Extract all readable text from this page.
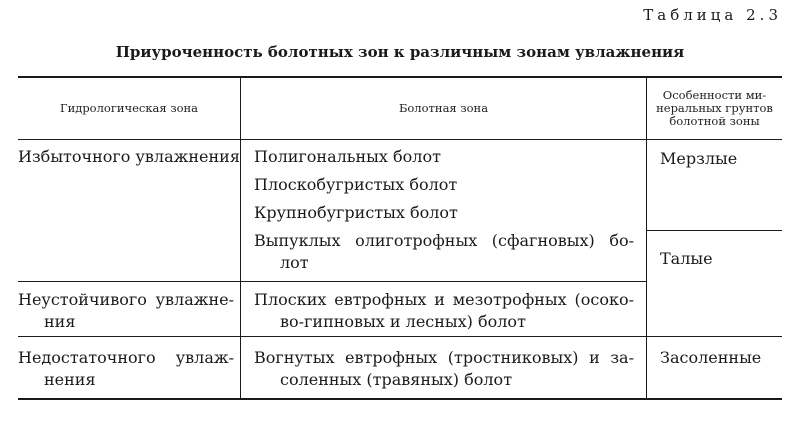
Таблица 2.3
Приуроченность болотных зон к различным зонам увлажнения
Гидрологическая зона	Болотная зона
Особенности ми-
неральных грунтов
болотной зоны
Избыточного увлажнения Полигональных болот
Плоскобугристых болот
Крупнобугристых болот
Выпуклых олиготрофных (сфагновых) бо-
лот
Мерзлые
Талые
Неустойчивого увлажне-
ния
Плоских евтрофных и мезотрофных (осоко-
во-гипновых и лесных) болот
Недостаточного увлаж-
нения
Вогнутых евтрофных (тростниковых) и за-
соленных (травяных) болот
Засоленные
